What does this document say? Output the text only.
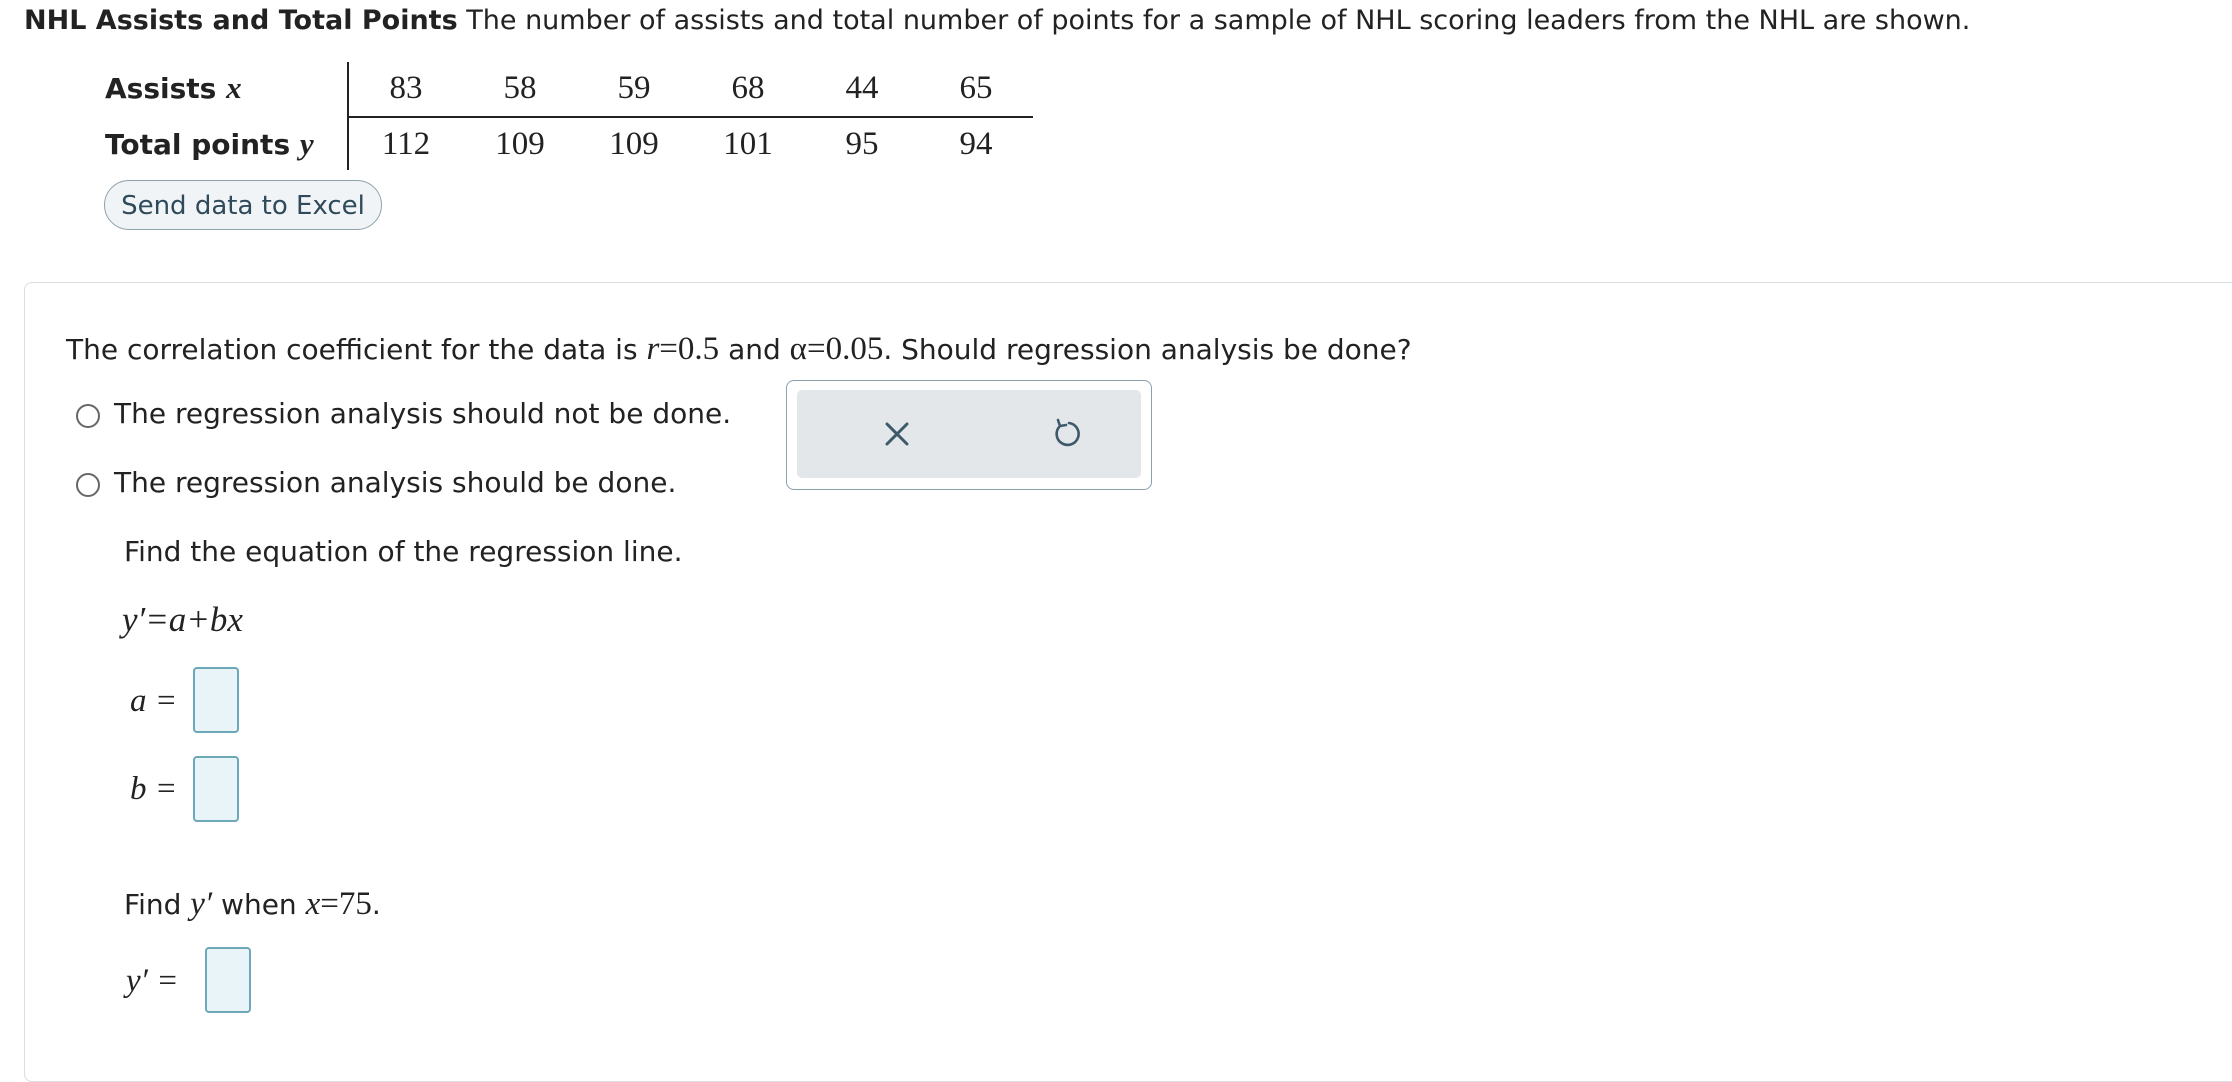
NHL Assists and Total Points The number of assists and total number of points for a sample of NHL scoring leaders from the NHL are shown.
Assists x	83	58	59	68	44	65
Total points y	112	109	109	101	95	94
Send data to Excel
The correlation coefficient for the data is r=0.5 and α=0.05. Should regression analysis be done?
The regression analysis should not be done.
The regression analysis should be done.
Find the equation of the regression line.
y′=a+bx
a =
b =
Find y′ when x=75.
y′ =
